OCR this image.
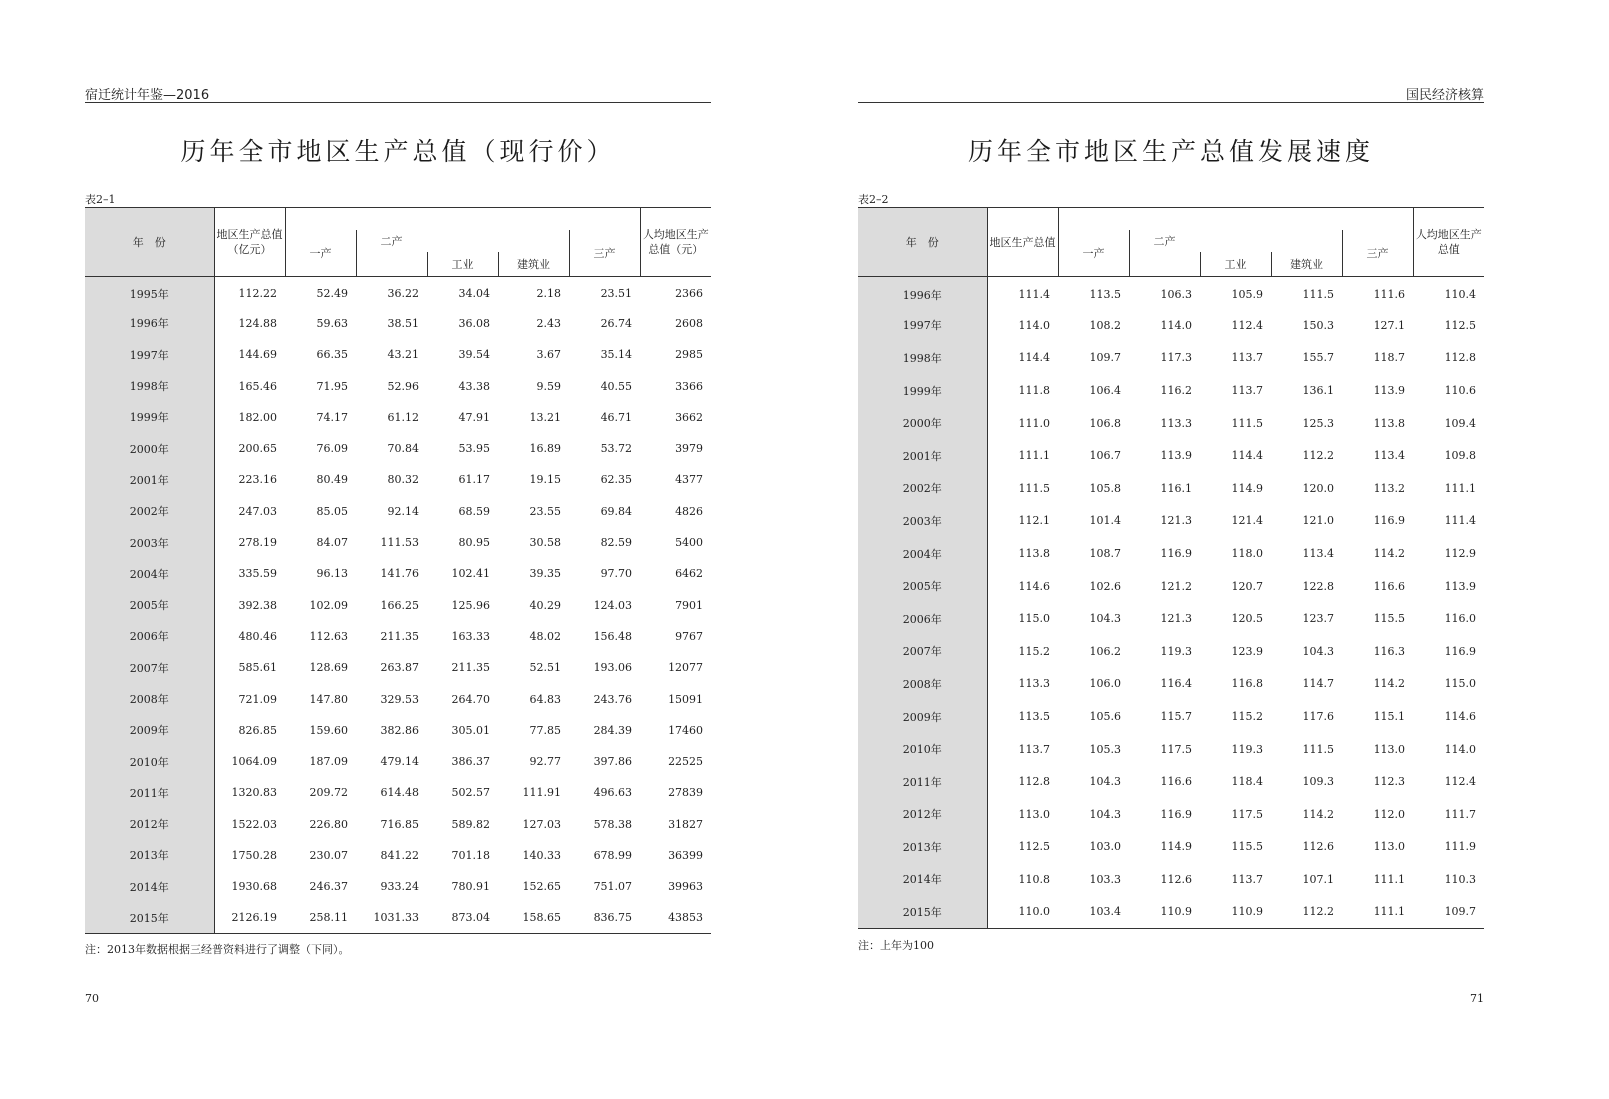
宿迁统计年鉴—2016
历年全市地区生产总值（现行价）
表2–1
年　份	地区生产总值（亿元）						人均地区生产总值（元）
		一产	二产			三产	
				工业	建筑业		
1995年	112.22	52.49	36.22	34.04	2.18	23.51	2366
1996年	124.88	59.63	38.51	36.08	2.43	26.74	2608
1997年	144.69	66.35	43.21	39.54	3.67	35.14	2985
1998年	165.46	71.95	52.96	43.38	9.59	40.55	3366
1999年	182.00	74.17	61.12	47.91	13.21	46.71	3662
2000年	200.65	76.09	70.84	53.95	16.89	53.72	3979
2001年	223.16	80.49	80.32	61.17	19.15	62.35	4377
2002年	247.03	85.05	92.14	68.59	23.55	69.84	4826
2003年	278.19	84.07	111.53	80.95	30.58	82.59	5400
2004年	335.59	96.13	141.76	102.41	39.35	97.70	6462
2005年	392.38	102.09	166.25	125.96	40.29	124.03	7901
2006年	480.46	112.63	211.35	163.33	48.02	156.48	9767
2007年	585.61	128.69	263.87	211.35	52.51	193.06	12077
2008年	721.09	147.80	329.53	264.70	64.83	243.76	15091
2009年	826.85	159.60	382.86	305.01	77.85	284.39	17460
2010年	1064.09	187.09	479.14	386.37	92.77	397.86	22525
2011年	1320.83	209.72	614.48	502.57	111.91	496.63	27839
2012年	1522.03	226.80	716.85	589.82	127.03	578.38	31827
2013年	1750.28	230.07	841.22	701.18	140.33	678.99	36399
2014年	1930.68	246.37	933.24	780.91	152.65	751.07	39963
2015年	2126.19	258.11	1031.33	873.04	158.65	836.75	43853
注：2013年数据根据三经普资料进行了调整（下同）。
70
国民经济核算
历年全市地区生产总值发展速度
表2–2
年　份	地区生产总值						人均地区生产总值
		一产	二产			三产	
				工业	建筑业		
1996年	111.4	113.5	106.3	105.9	111.5	111.6	110.4
1997年	114.0	108.2	114.0	112.4	150.3	127.1	112.5
1998年	114.4	109.7	117.3	113.7	155.7	118.7	112.8
1999年	111.8	106.4	116.2	113.7	136.1	113.9	110.6
2000年	111.0	106.8	113.3	111.5	125.3	113.8	109.4
2001年	111.1	106.7	113.9	114.4	112.2	113.4	109.8
2002年	111.5	105.8	116.1	114.9	120.0	113.2	111.1
2003年	112.1	101.4	121.3	121.4	121.0	116.9	111.4
2004年	113.8	108.7	116.9	118.0	113.4	114.2	112.9
2005年	114.6	102.6	121.2	120.7	122.8	116.6	113.9
2006年	115.0	104.3	121.3	120.5	123.7	115.5	116.0
2007年	115.2	106.2	119.3	123.9	104.3	116.3	116.9
2008年	113.3	106.0	116.4	116.8	114.7	114.2	115.0
2009年	113.5	105.6	115.7	115.2	117.6	115.1	114.6
2010年	113.7	105.3	117.5	119.3	111.5	113.0	114.0
2011年	112.8	104.3	116.6	118.4	109.3	112.3	112.4
2012年	113.0	104.3	116.9	117.5	114.2	112.0	111.7
2013年	112.5	103.0	114.9	115.5	112.6	113.0	111.9
2014年	110.8	103.3	112.6	113.7	107.1	111.1	110.3
2015年	110.0	103.4	110.9	110.9	112.2	111.1	109.7
注：上年为100
71
